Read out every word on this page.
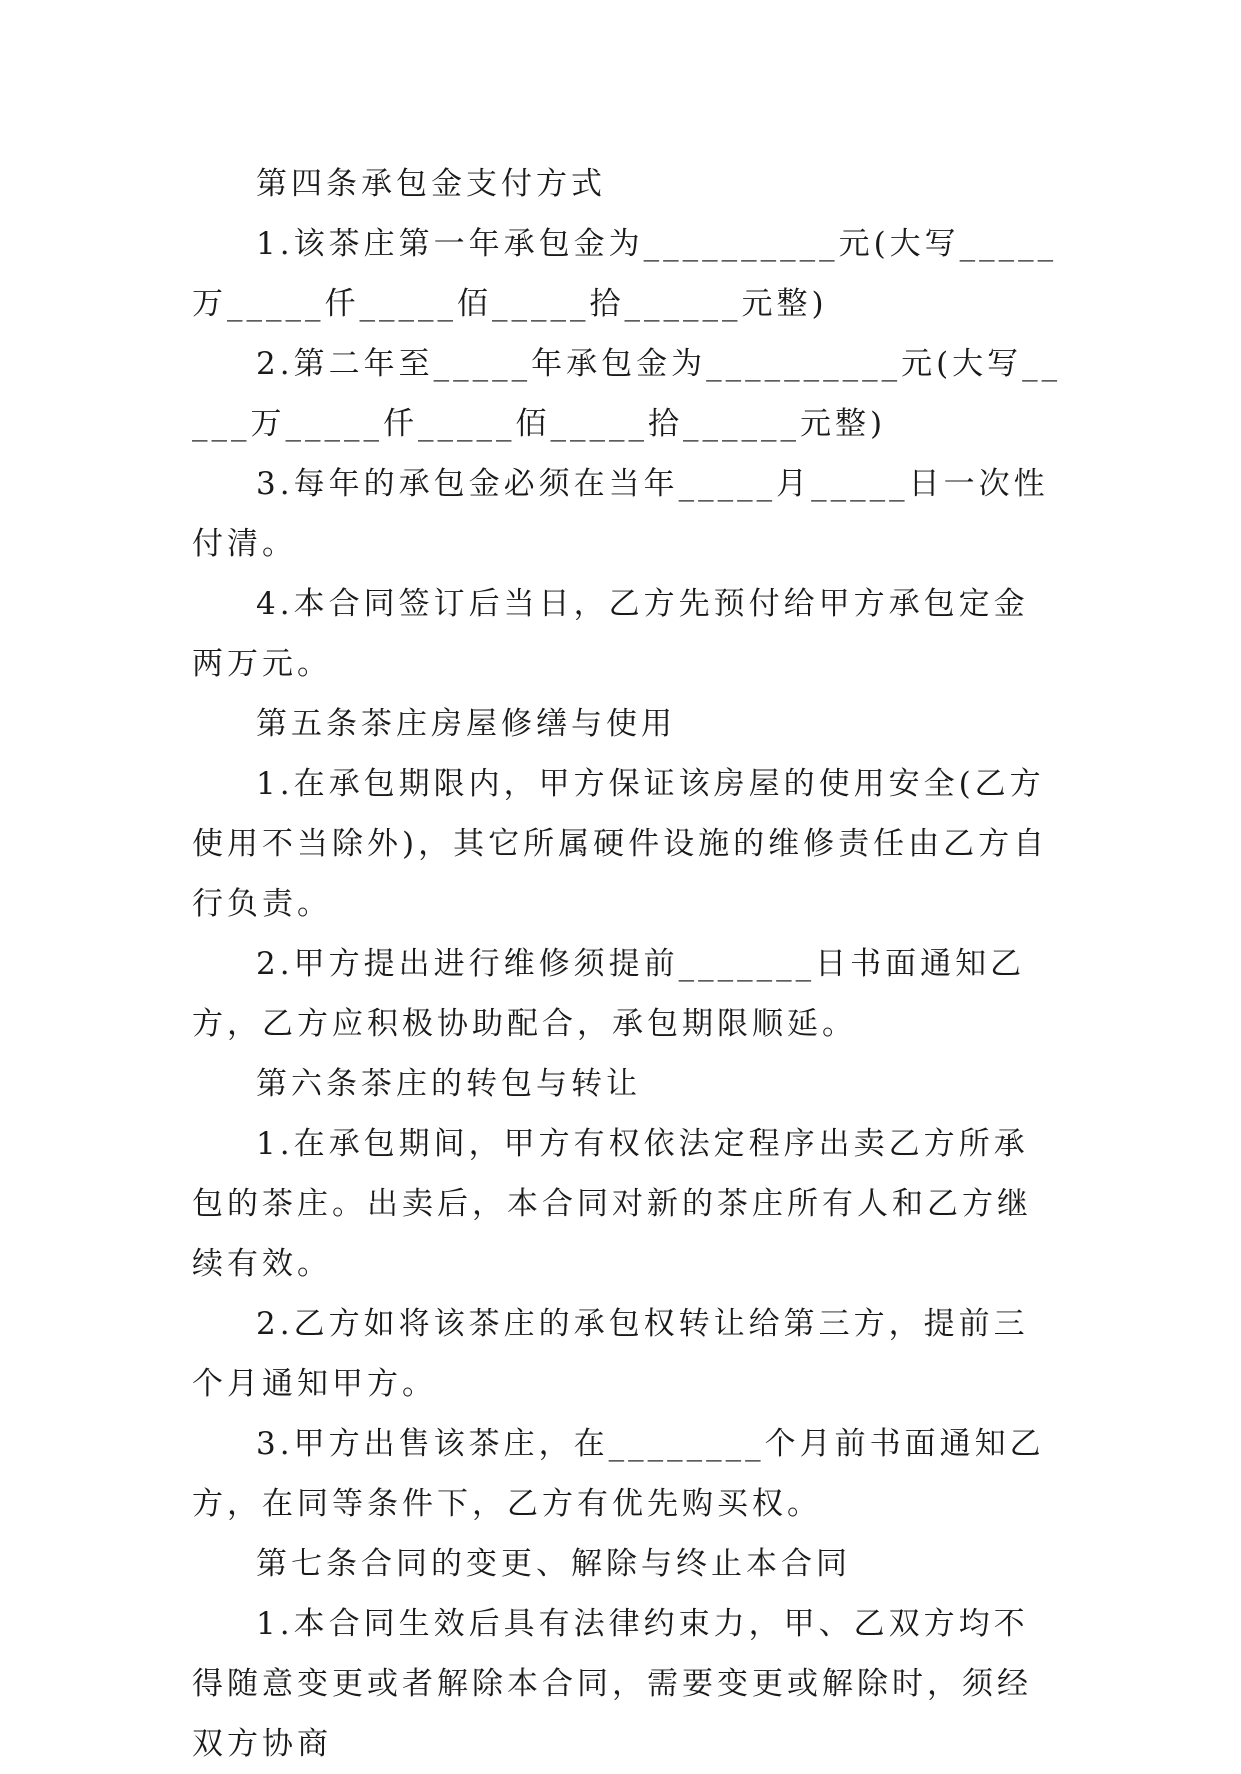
第四条承包金支付方式

1.该茶庄第一年承包金为__________元(大写_____万_____仟_____佰_____拾______元整)

2.第二年至_____年承包金为__________元(大写_____万_____仟_____佰_____拾______元整)

3.每年的承包金必须在当年_____月_____日一次性付清。

4.本合同签订后当日，乙方先预付给甲方承包定金两万元。

第五条茶庄房屋修缮与使用

1.在承包期限内，甲方保证该房屋的使用安全(乙方使用不当除外)，其它所属硬件设施的维修责任由乙方自行负责。

2.甲方提出进行维修须提前_______日书面通知乙方，乙方应积极协助配合，承包期限顺延。

第六条茶庄的转包与转让

1.在承包期间，甲方有权依法定程序出卖乙方所承包的茶庄。出卖后，本合同对新的茶庄所有人和乙方继续有效。

2.乙方如将该茶庄的承包权转让给第三方，提前三个月通知甲方。

3.甲方出售该茶庄，在________个月前书面通知乙方，在同等条件下，乙方有优先购买权。

第七条合同的变更、解除与终止本合同

1.本合同生效后具有法律约束力，甲、乙双方均不得随意变更或者解除本合同，需要变更或解除时，须经双方协商
